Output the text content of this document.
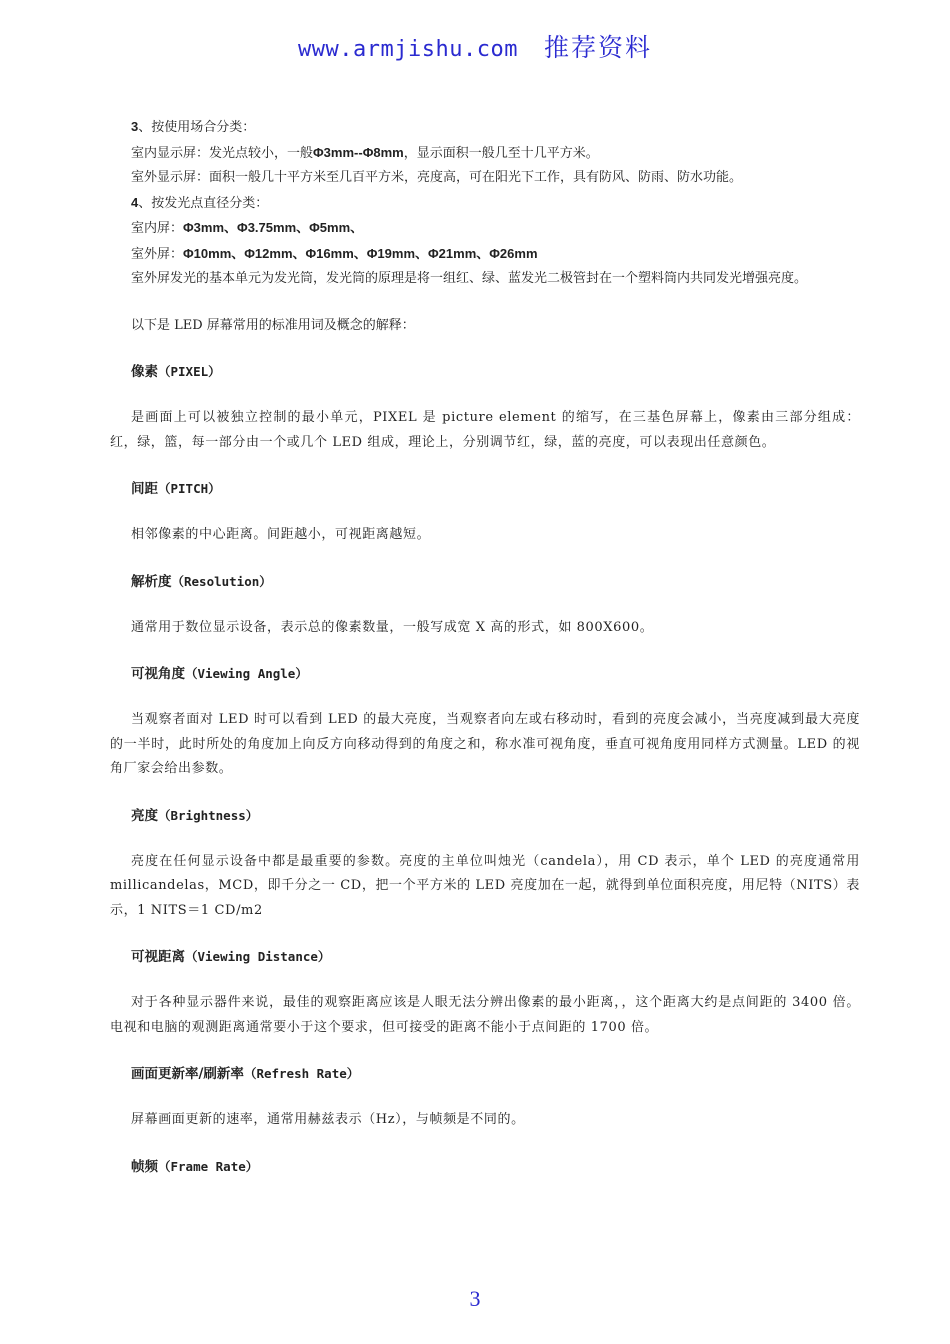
www.armjishu.com 推荐资料
3、按使用场合分类：
室内显示屏：发光点较小，一般Φ3mm--Φ8mm，显示面积一般几至十几平方米。
室外显示屏：面积一般几十平方米至几百平方米，亮度高，可在阳光下工作，具有防风、防雨、防水功能。
4、按发光点直径分类：
室内屏：Φ3mm、Φ3.75mm、Φ5mm、
室外屏：Φ10mm、Φ12mm、Φ16mm、Φ19mm、Φ21mm、Φ26mm
室外屏发光的基本单元为发光筒，发光筒的原理是将一组红、绿、蓝发光二极管封在一个塑料筒内共同发光增强亮度。
以下是 LED 屏幕常用的标准用词及概念的解释：
像素（PIXEL）
是画面上可以被独立控制的最小单元，PIXEL 是 picture element 的缩写，在三基色屏幕上，像素由三部分组成：红，绿，篮，每一部分由一个或几个 LED 组成，理论上，分别调节红，绿，蓝的亮度，可以表现出任意颜色。
间距（PITCH）
相邻像素的中心距离。间距越小，可视距离越短。
解析度（Resolution）
通常用于数位显示设备，表示总的像素数量，一般写成宽 X 高的形式，如 800X600。
可视角度（Viewing Angle）
当观察者面对 LED 时可以看到 LED 的最大亮度，当观察者向左或右移动时，看到的亮度会减小，当亮度减到最大亮度的一半时，此时所处的角度加上向反方向移动得到的角度之和，称水准可视角度，垂直可视角度用同样方式测量。LED 的视角厂家会给出参数。
亮度（Brightness）
亮度在任何显示设备中都是最重要的参数。亮度的主单位叫烛光（candela），用 CD 表示，单个 LED 的亮度通常用 millicandelas，MCD，即千分之一 CD，把一个平方米的 LED 亮度加在一起，就得到单位面积亮度，用尼特（NITS）表示，1 NITS＝1 CD/m2
可视距离（Viewing Distance）
对于各种显示器件来说，最佳的观察距离应该是人眼无法分辨出像素的最小距离，，这个距离大约是点间距的 3400 倍。电视和电脑的观测距离通常要小于这个要求，但可接受的距离不能小于点间距的 1700 倍。
画面更新率/刷新率（Refresh Rate）
屏幕画面更新的速率，通常用赫兹表示（Hz），与帧频是不同的。
帧频（Frame Rate）
3
